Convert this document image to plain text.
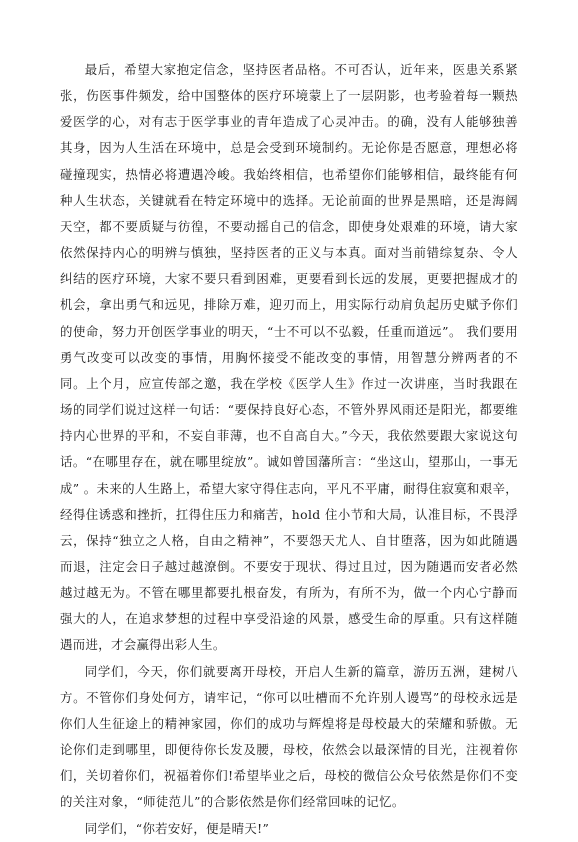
最后，希望大家抱定信念，坚持医者品格。不可否认，近年来，医患关系紧张，伤医事件频发，给中国整体的医疗环境蒙上了一层阴影，也考验着每一颗热爱医学的心，对有志于医学事业的青年造成了心灵冲击。的确，没有人能够独善其身，因为人生活在环境中，总是会受到环境制约。无论你是否愿意，理想必将碰撞现实，热情必将遭遇冷峻。我始终相信，也希望你们能够相信，最终能有何种人生状态，关键就看在特定环境中的选择。无论前面的世界是黑暗，还是海阔天空，都不要质疑与彷徨，不要动摇自己的信念，即使身处艰难的环境，请大家依然保持内心的明辨与慎独，坚持医者的正义与本真。面对当前错综复杂、令人纠结的医疗环境，大家不要只看到困难，更要看到长远的发展，更要把握成才的机会，拿出勇气和远见，排除万难，迎刃而上，用实际行动肩负起历史赋予你们的使命，努力开创医学事业的明天，“士不可以不弘毅，任重而道远”。 我们要用勇气改变可以改变的事情，用胸怀接受不能改变的事情，用智慧分辨两者的不同。上个月，应宣传部之邀，我在学校《医学人生》作过一次讲座，当时我跟在场的同学们说过这样一句话：“要保持良好心态，不管外界风雨还是阳光，都要维持内心世界的平和，不妄自菲薄，也不自高自大。”今天，我依然要跟大家说这句话。“在哪里存在，就在哪里绽放”。诚如曾国藩所言：“坐这山，望那山，一事无成” 。未来的人生路上，希望大家守得住志向，平凡不平庸，耐得住寂寞和艰辛，经得住诱惑和挫折，扛得住压力和痛苦，hold 住小节和大局，认准目标，不畏浮云，保持“独立之人格，自由之精神”，不要怨天尤人、自甘堕落，因为如此随遇而退，注定会日子越过越潦倒。不要安于现状、得过且过，因为随遇而安者必然越过越无为。不管在哪里都要扎根奋发，有所为，有所不为，做一个内心宁静而强大的人，在追求梦想的过程中享受沿途的风景，感受生命的厚重。只有这样随遇而进，才会赢得出彩人生。

同学们，今天，你们就要离开母校，开启人生新的篇章，游历五洲，建树八方。不管你们身处何方，请牢记，“你可以吐槽而不允许别人谩骂”的母校永远是你们人生征途上的精神家园，你们的成功与辉煌将是母校最大的荣耀和骄傲。无论你们走到哪里，即便待你长发及腰，母校，依然会以最深情的目光，注视着你们，关切着你们，祝福着你们!希望毕业之后，母校的微信公众号依然是你们不变的关注对象，“师徒范儿”的合影依然是你们经常回味的记忆。

同学们，“你若安好，便是晴天!”
